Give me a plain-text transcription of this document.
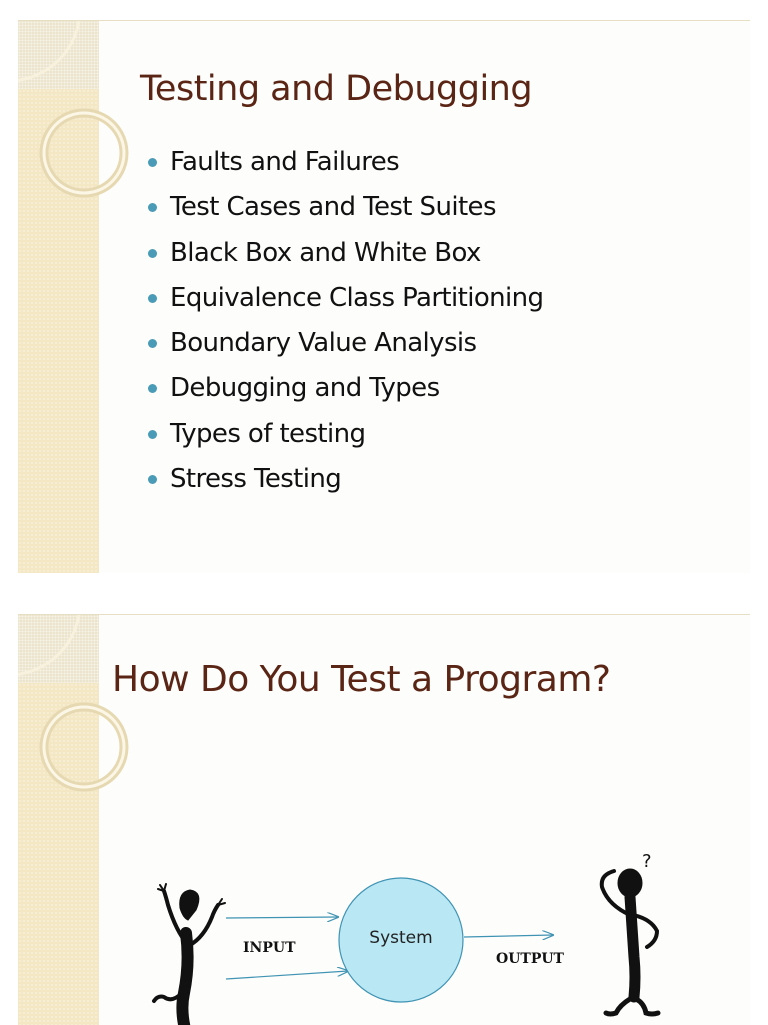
Testing and Debugging
Faults and Failures
Test Cases and Test Suites
Black Box and White Box
Equivalence Class Partitioning
Boundary Value Analysis
Debugging and Types
Types of testing
Stress Testing
How Do You Test a Program?
INPUT	System
OUTPUT
?
